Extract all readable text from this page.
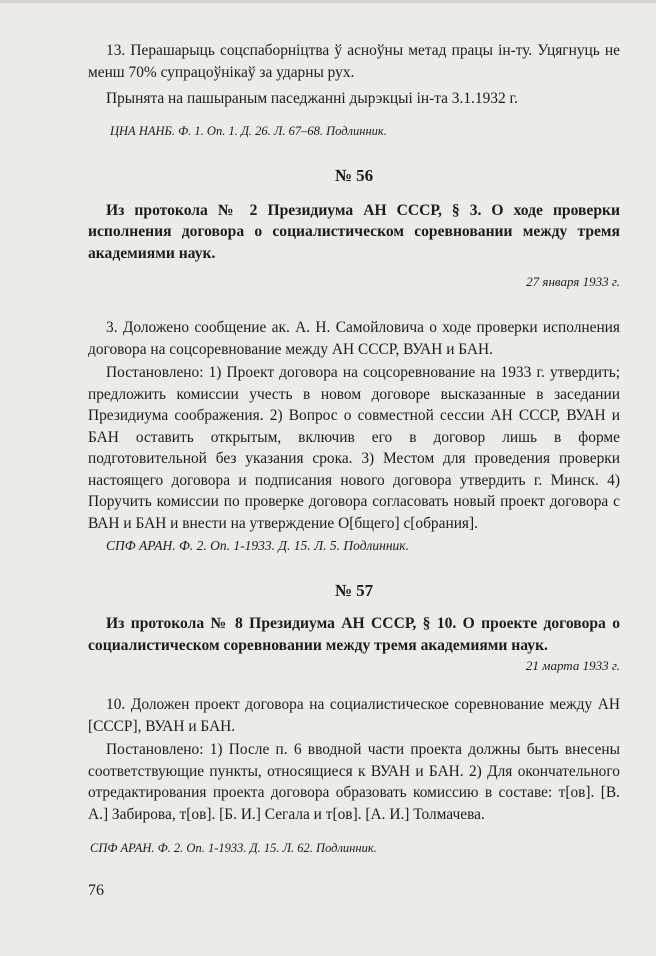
13. Перашарыць соцспаборніцтва ў асноўны метад працы ін-ту. Уцягнуць не менш 70% супрацоўнікаў за ударны рух.

Прынята на пашыраным паседжанні дырэкцыі ін-та 3.1.1932 г.

ЦНА НАНБ. Ф. 1. Оп. 1. Д. 26. Л. 67–68. Подлинник.

№ 56

Из протокола № 2 Президиума АН СССР, § 3. О ходе проверки исполнения договора о социалистическом соревновании между тремя академиями наук.

27 января 1933 г.

3. Доложено сообщение ак. А. Н. Самойловича о ходе проверки исполнения договора на соцсоревнование между АН СССР, ВУАН и БАН.

Постановлено: 1) Проект договора на соцсоревнование на 1933 г. утвердить; предложить комиссии учесть в новом договоре высказанные в заседании Президиума соображения. 2) Вопрос о совместной сессии АН СССР, ВУАН и БАН оставить открытым, включив его в договор лишь в форме подготовительной без указания срока. 3) Местом для проведения проверки настоящего договора и подписания нового договора утвердить г. Минск. 4) Поручить комиссии по проверке договора согласовать новый проект договора с ВАН и БАН и внести на утверждение О[бщего] с[обрания].

СПФ АРАН. Ф. 2. Оп. 1-1933. Д. 15. Л. 5. Подлинник.

№ 57

Из протокола № 8 Президиума АН СССР, § 10. О проекте договора о социалистическом соревновании между тремя академиями наук.

21 марта 1933 г.

10. Доложен проект договора на социалистическое соревнование между АН [СССР], ВУАН и БАН.

Постановлено: 1) После п. 6 вводной части проекта должны быть внесены соответствующие пункты, относящиеся к ВУАН и БАН. 2) Для окончательного отредактирования проекта договора образовать комиссию в составе: т[ов]. [В. А.] Забирова, т[ов]. [Б. И.] Сегала и т[ов]. [А. И.] Толмачева.

СПФ АРАН. Ф. 2. Оп. 1-1933. Д. 15. Л. 62. Подлинник.

76
